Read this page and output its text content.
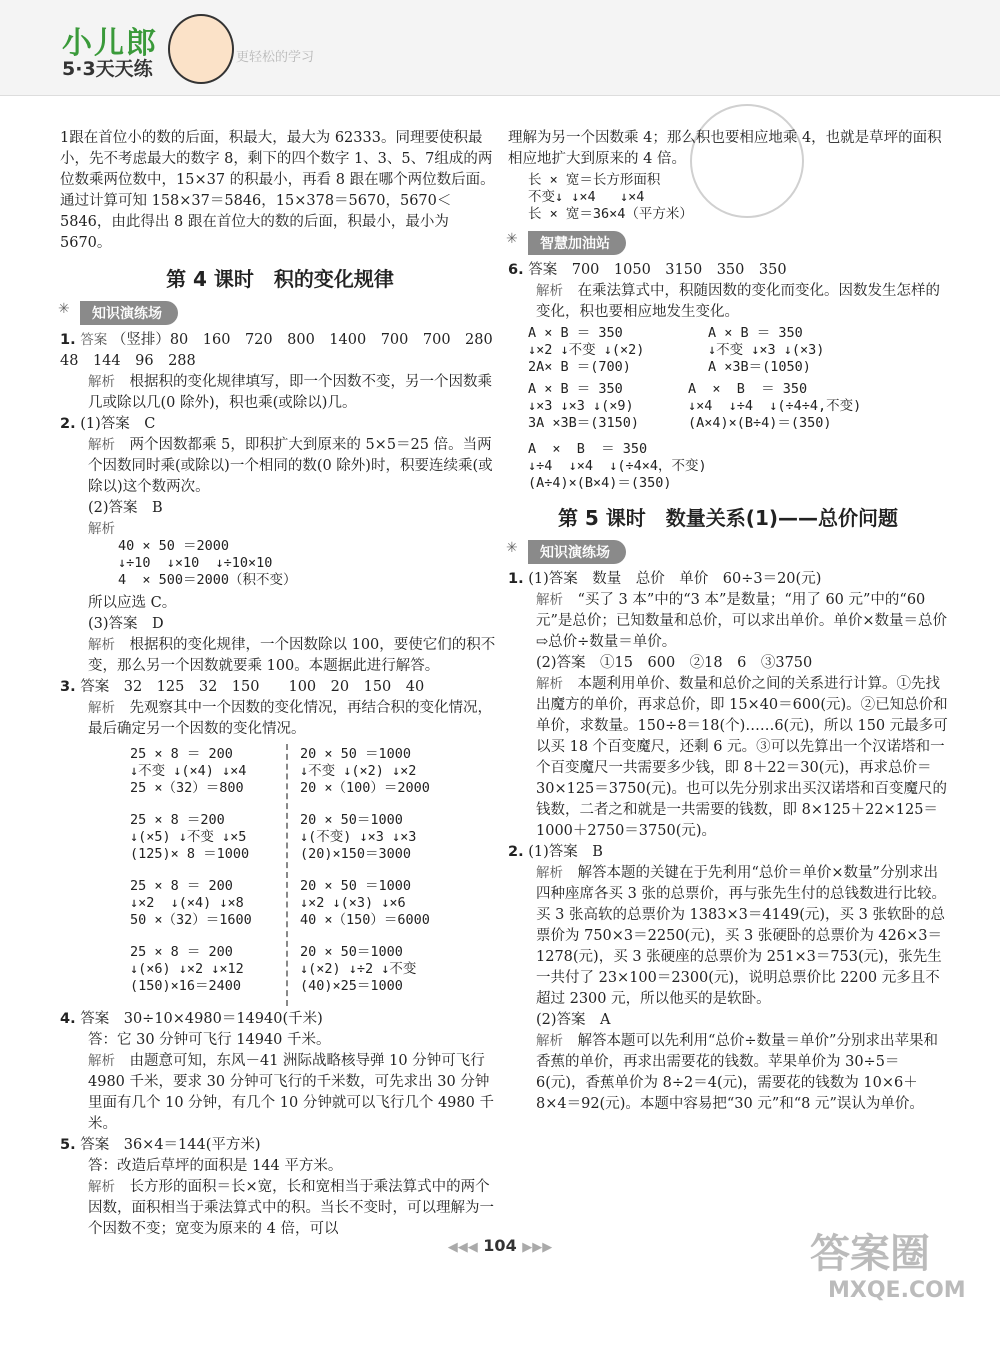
小儿郎
5·3天天练
更轻松的学习

1跟在首位小的数的后面，积最大，最大为 62333。同理要使积最小，先不考虑最大的数字 8，剩下的四个数字 1、3、5、7组成的两位数乘两位数中，15×37 的积最小，再看 8 跟在哪个两位数后面。通过计算可知 158×37＝5846，15×378＝5670，5670＜5846，由此得出 8 跟在首位大的数的后面，积最小，最小为 5670。

第 4 课时　积的变化规律
✳ 知识演练场

1. 答案 （竖排）80　160　720　800　1400　700　700　280　48　144　96　288

解析　 根据积的变化规律填写，即一个因数不变，另一个因数乘几或除以几(0 除外)，积也乘(或除以)几。

2. (1)答案　C

解析　 两个因数都乘 5，即积扩大到原来的 5×5＝25 倍。当两个因数同时乘(或除以)一个相同的数(0 除外)时，积要连续乘(或除以)这个数两次。

(2)答案　B

解析

40 × 50 ＝2000
↓÷10  ↓×10  ↓÷10×10
4  × 500＝2000（积不变）

所以应选 C。

(3)答案　D

解析　 根据积的变化规律，一个因数除以 100，要使它们的积不变，那么另一个因数就要乘 100。本题据此进行解答。

3. 答案　32　125　32　150　　100　20　150　40

解析　 先观察其中一个因数的变化情况，再结合积的变化情况，最后确定另一个因数的变化情况。

25 × 8 ＝ 200
↓不变 ↓(×4) ↓×4
25 ×（32）＝800
25 × 8 ＝200
↓(×5) ↓不变 ↓×5
(125)× 8 ＝1000
25 × 8 ＝ 200
↓×2  ↓(×4) ↓×8
50 ×（32）＝1600
25 × 8 ＝ 200
↓(×6) ↓×2 ↓×12
(150)×16＝2400
20 × 50 ＝1000
↓不变 ↓(×2) ↓×2
20 ×（100）＝2000
20 × 50＝1000
↓(不变) ↓×3 ↓×3
(20)×150＝3000
20 × 50 ＝1000
↓×2 ↓(×3) ↓×6
40 ×（150）＝6000
20 × 50＝1000
↓(×2) ↓÷2 ↓不变
(40)×25＝1000

4. 答案　30÷10×4980＝14940(千米)

答：它 30 分钟可飞行 14940 千米。

解析　 由题意可知，东风－41 洲际战略核导弹 10 分钟可飞行 4980 千米，要求 30 分钟可飞行的千米数，可先求出 30 分钟里面有几个 10 分钟，有几个 10 分钟就可以飞行几个 4980 千米。

5. 答案　36×4＝144(平方米)

答：改造后草坪的面积是 144 平方米。

解析　 长方形的面积＝长×宽，长和宽相当于乘法算式中的两个因数，面积相当于乘法算式中的积。当长不变时，可以理解为一个因数不变；宽变为原来的 4 倍，可以

理解为另一个因数乘 4；那么积也要相应地乘 4，也就是草坪的面积相应地扩大到原来的 4 倍。

长 × 宽＝长方形面积
不变↓ ↓×4   ↓×4
长 × 宽＝36×4（平方米）
✳ 智慧加油站

6. 答案　700　1050　3150　350　350

解析　 在乘法算式中，积随因数的变化而变化。因数发生怎样的变化，积也要相应地发生变化。

A × B ＝ 350
↓×2 ↓不变 ↓(×2)
2A× B ＝(700)
A × B ＝ 350
↓不变 ↓×3 ↓(×3)
A ×3B＝(1050)
A × B ＝ 350
↓×3 ↓×3 ↓(×9)
3A ×3B＝(3150)
A  ×  B  ＝ 350
↓×4  ↓÷4  ↓(÷4÷4,不变)
(A×4)×(B÷4)＝(350)
A  ×  B  ＝ 350
↓÷4  ↓×4  ↓(÷4×4，不变)
(A÷4)×(B×4)＝(350)
第 5 课时　数量关系(1)——总价问题
✳ 知识演练场

1. (1)答案　数量　总价　单价　60÷3＝20(元)

解析　 “买了 3 本”中的“3 本”是数量；“用了 60 元”中的“60 元”是总价；已知数量和总价，可以求出单价。单价×数量＝总价⇨总价÷数量＝单价。

(2)答案　①15　600　②18　6　③3750

解析　 本题利用单价、数量和总价之间的关系进行计算。①先找出魔方的单价，再求总价，即 15×40＝600(元)。②已知总价和单价，求数量。150÷8＝18(个)……6(元)，所以 150 元最多可以买 18 个百变魔尺，还剩 6 元。③可以先算出一个汉诺塔和一个百变魔尺一共需要多少钱，即 8＋22＝30(元)，再求总价＝30×125＝3750(元)。也可以先分别求出买汉诺塔和百变魔尺的钱数，二者之和就是一共需要的钱数，即 8×125＋22×125＝1000＋2750＝3750(元)。

2. (1)答案　B

解析　 解答本题的关键在于先利用“总价＝单价×数量”分别求出四种座席各买 3 张的总票价，再与张先生付的总钱数进行比较。买 3 张高软的总票价为 1383×3＝4149(元)，买 3 张软卧的总票价为 750×3＝2250(元)，买 3 张硬卧的总票价为 426×3＝1278(元)，买 3 张硬座的总票价为 251×3＝753(元)，张先生一共付了 23×100＝2300(元)，说明总票价比 2200 元多且不超过 2300 元，所以他买的是软卧。

(2)答案　A

解析　 解答本题可以先利用“总价÷数量＝单价”分别求出苹果和香蕉的单价，再求出需要花的钱数。苹果单价为 30÷5＝6(元)，香蕉单价为 8÷2＝4(元)，需要花的钱数为 10×6＋8×4＝92(元)。本题中容易把“30 元”和“8 元”误认为单价。

◀◀◀ 104 ▶▶▶	答案圈
MXQE.COM
